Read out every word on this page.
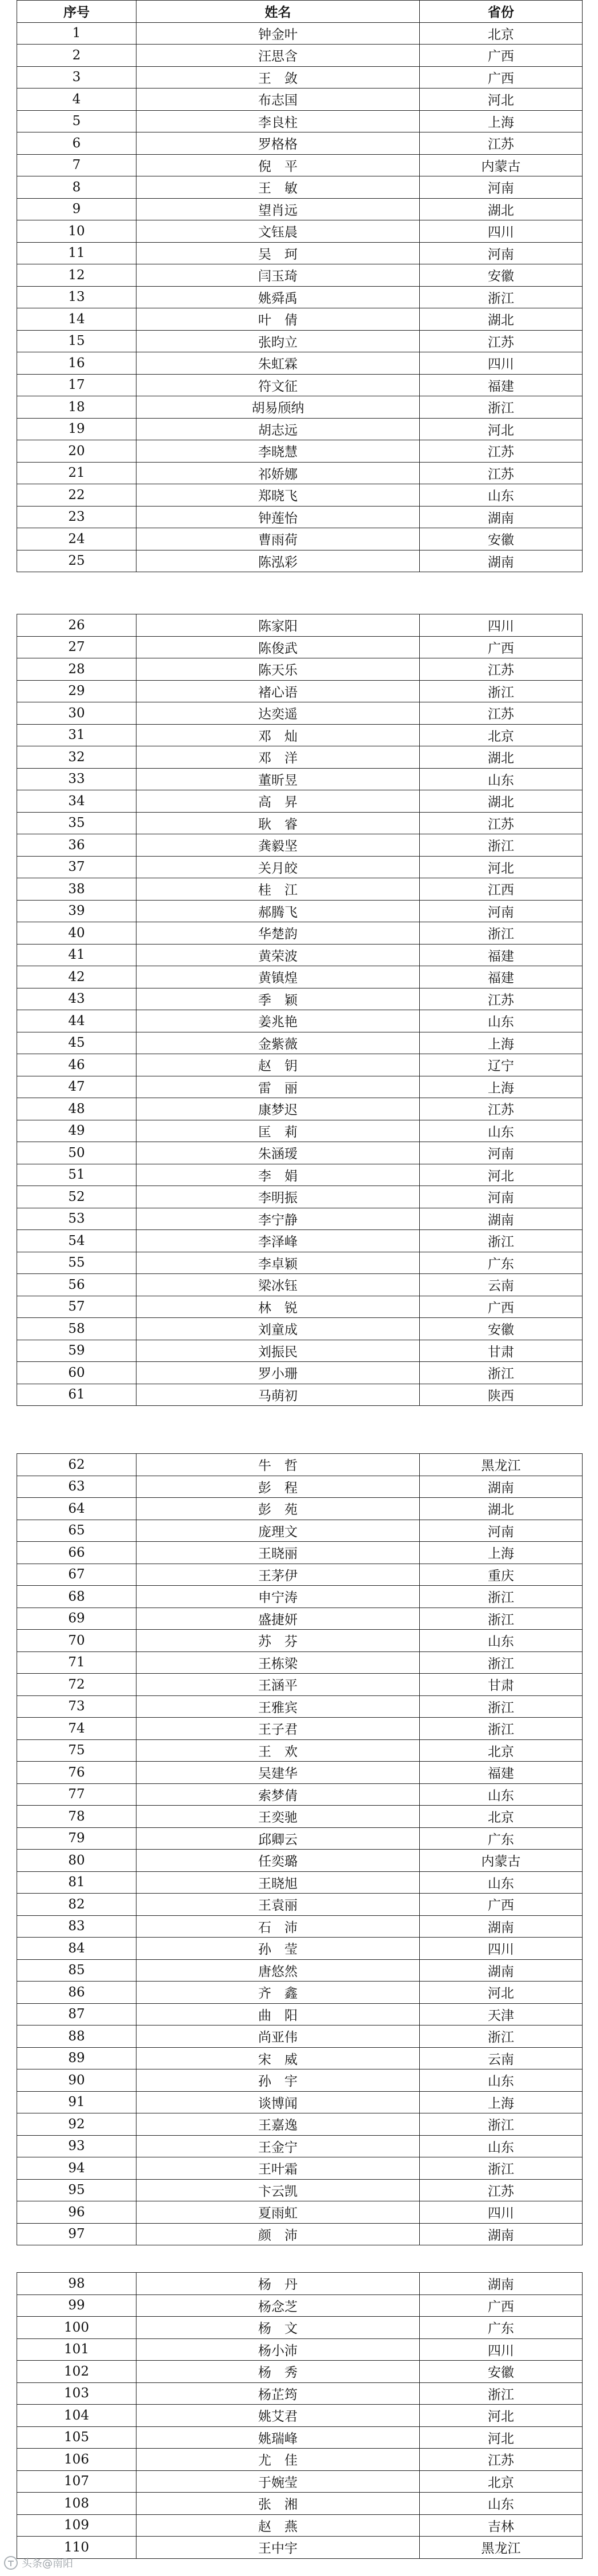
序号	姓名	省份
1	钟金叶	北京
2	汪思含	广西
3	王　敛	广西
4	布志国	河北
5	李良柱	上海
6	罗格格	江苏
7	倪　平	内蒙古
8	王　敏	河南
9	望肖远	湖北
10	文钰晨	四川
11	吴　珂	河南
12	闫玉琦	安徽
13	姚舜禹	浙江
14	叶　倩	湖北
15	张昀立	江苏
16	朱虹霖	四川
17	符文征	福建
18	胡易颀纳	浙江
19	胡志远	河北
20	李晓慧	江苏
21	祁娇娜	江苏
22	郑晓飞	山东
23	钟莲怡	湖南
24	曹雨荷	安徽
25	陈泓彩	湖南
26	陈家阳	四川
27	陈俊武	广西
28	陈天乐	江苏
29	褚心语	浙江
30	达奕遥	江苏
31	邓　灿	北京
32	邓　洋	湖北
33	董昕昱	山东
34	高　昇	湖北
35	耿　睿	江苏
36	龚毅坚	浙江
37	关月皎	河北
38	桂　江	江西
39	郝腾飞	河南
40	华楚韵	浙江
41	黄荣波	福建
42	黄镇煌	福建
43	季　颖	江苏
44	姜兆艳	山东
45	金紫薇	上海
46	赵　钥	辽宁
47	雷　丽	上海
48	康梦迟	江苏
49	匡　莉	山东
50	朱涵瑷	河南
51	李　娟	河北
52	李明振	河南
53	李宁静	湖南
54	李泽峰	浙江
55	李卓颖	广东
56	梁冰钰	云南
57	林　锐	广西
58	刘童成	安徽
59	刘振民	甘肃
60	罗小珊	浙江
61	马萌初	陕西
62	牛　哲	黑龙江
63	彭　程	湖南
64	彭　苑	湖北
65	庞理文	河南
66	王晓丽	上海
67	王茅伊	重庆
68	申宁涛	浙江
69	盛捷妍	浙江
70	苏　芬	山东
71	王栋梁	浙江
72	王涵平	甘肃
73	王雅宾	浙江
74	王子君	浙江
75	王　欢	北京
76	吴建华	福建
77	索梦倩	山东
78	王奕驰	北京
79	邱卿云	广东
80	任奕璐	内蒙古
81	王晓旭	山东
82	王袁丽	广西
83	石　沛	湖南
84	孙　莹	四川
85	唐悠然	湖南
86	齐　鑫	河北
87	曲　阳	天津
88	尚亚伟	浙江
89	宋　威	云南
90	孙　宇	山东
91	谈博闻	上海
92	王嘉逸	浙江
93	王金宁	山东
94	王叶霜	浙江
95	卞云凯	江苏
96	夏雨虹	四川
97	颜　沛	湖南
98	杨　丹	湖南
99	杨念芝	广西
100	杨　文	广东
101	杨小沛	四川
102	杨　秀	安徽
103	杨芷筠	浙江
104	姚艾君	河北
105	姚瑞峰	河北
106	尤　佳	江苏
107	于婉莹	北京
108	张　湘	山东
109	赵　燕	吉林
110	王中宇	黑龙江
头条@南阳
